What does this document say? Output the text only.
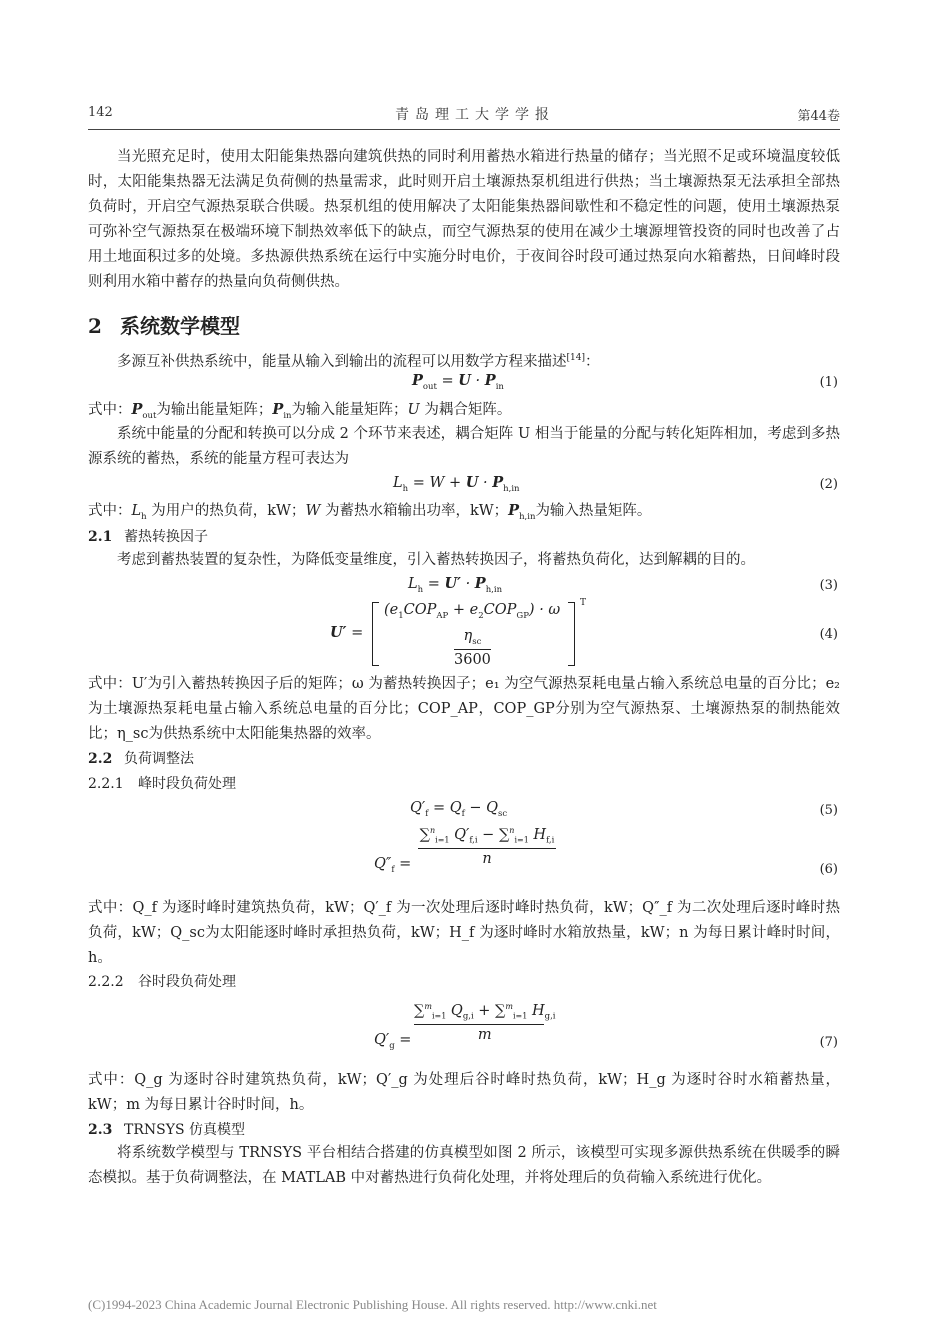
142	青岛理工大学学报	第44卷
当光照充足时，使用太阳能集热器向建筑供热的同时利用蓄热水箱进行热量的储存；当光照不足或环境温度较低时，太阳能集热器无法满足负荷侧的热量需求，此时则开启土壤源热泵机组进行供热；当土壤源热泵无法承担全部热负荷时，开启空气源热泵联合供暖。热泵机组的使用解决了太阳能集热器间歇性和不稳定性的问题，使用土壤源热泵可弥补空气源热泵在极端环境下制热效率低下的缺点，而空气源热泵的使用在减少土壤源埋管投资的同时也改善了占用土地面积过多的处境。多热源供热系统在运行中实施分时电价，于夜间谷时段可通过热泵向水箱蓄热，日间峰时段则利用水箱中蓄存的热量向负荷侧供热。
2 系统数学模型
多源互补供热系统中，能量从输入到输出的流程可以用数学方程来描述[14]：
$P_{out} = U \cdot P_{in}$	(1)
式中：$P_{out}$为输出能量矩阵；$P_{in}$为输入能量矩阵；U 为耦合矩阵。
系统中能量的分配和转换可以分成 2 个环节来表述，耦合矩阵 U 相当于能量的分配与转化矩阵相加，考虑到多热源系统的蓄热，系统的能量方程可表达为
$L_h = W + U \cdot P_{h,in}$	(2)
式中：$L_h$ 为用户的热负荷，kW；W 为蓄热水箱输出功率，kW；$P_{h,in}$为输入热量矩阵。
2.1 蓄热转换因子
考虑到蓄热装置的复杂性，为降低变量维度，引入蓄热转换因子，将蓄热负荷化，达到解耦的目的。
$L_h = U' \cdot P_{h,in}$	(3)
U′ =
$(e_1COP_{AP} + e_2COP_{GP}) \cdot \omega$
$\frac{\eta_{sc}}{3600}$
T
(4)
式中：U′为引入蓄热转换因子后的矩阵；ω 为蓄热转换因子；e₁ 为空气源热泵耗电量占输入系统总电量的百分比；e₂ 为土壤源热泵耗电量占输入系统总电量的百分比；COP_AP，COP_GP分别为空气源热泵、土壤源热泵的制热能效比；η_sc为供热系统中太阳能集热器的效率。
2.2 负荷调整法
2.2.1 峰时段负荷处理
$Q'_f = Q_f - Q_{sc}$	(5)
$Q''_f = \frac{\sum^n_{i=1} Q'_{f,i} - \sum^n_{i=1} H_{f,i}}{n}$
(6)
式中：Q_f 为逐时峰时建筑热负荷，kW；Q′_f 为一次处理后逐时峰时热负荷，kW；Q″_f 为二次处理后逐时峰时热负荷，kW；Q_sc为太阳能逐时峰时承担热负荷，kW；H_f 为逐时峰时水箱放热量，kW；n 为每日累计峰时时间，h。
2.2.2 谷时段负荷处理
$Q'_g = \frac{\sum^m_{i=1} Q_{g,i} + \sum^m_{i=1} H_{g,i}}{m}$	(7)
式中：Q_g 为逐时谷时建筑热负荷，kW；Q′_g 为处理后谷时峰时热负荷，kW；H_g 为逐时谷时水箱蓄热量，kW；m 为每日累计谷时时间，h。
2.3 TRNSYS 仿真模型
将系统数学模型与 TRNSYS 平台相结合搭建的仿真模型如图 2 所示，该模型可实现多源供热系统在供暖季的瞬态模拟。基于负荷调整法，在 MATLAB 中对蓄热进行负荷化处理，并将处理后的负荷输入系统进行优化。
(C)1994-2023 China Academic Journal Electronic Publishing House. All rights reserved. http://www.cnki.net
